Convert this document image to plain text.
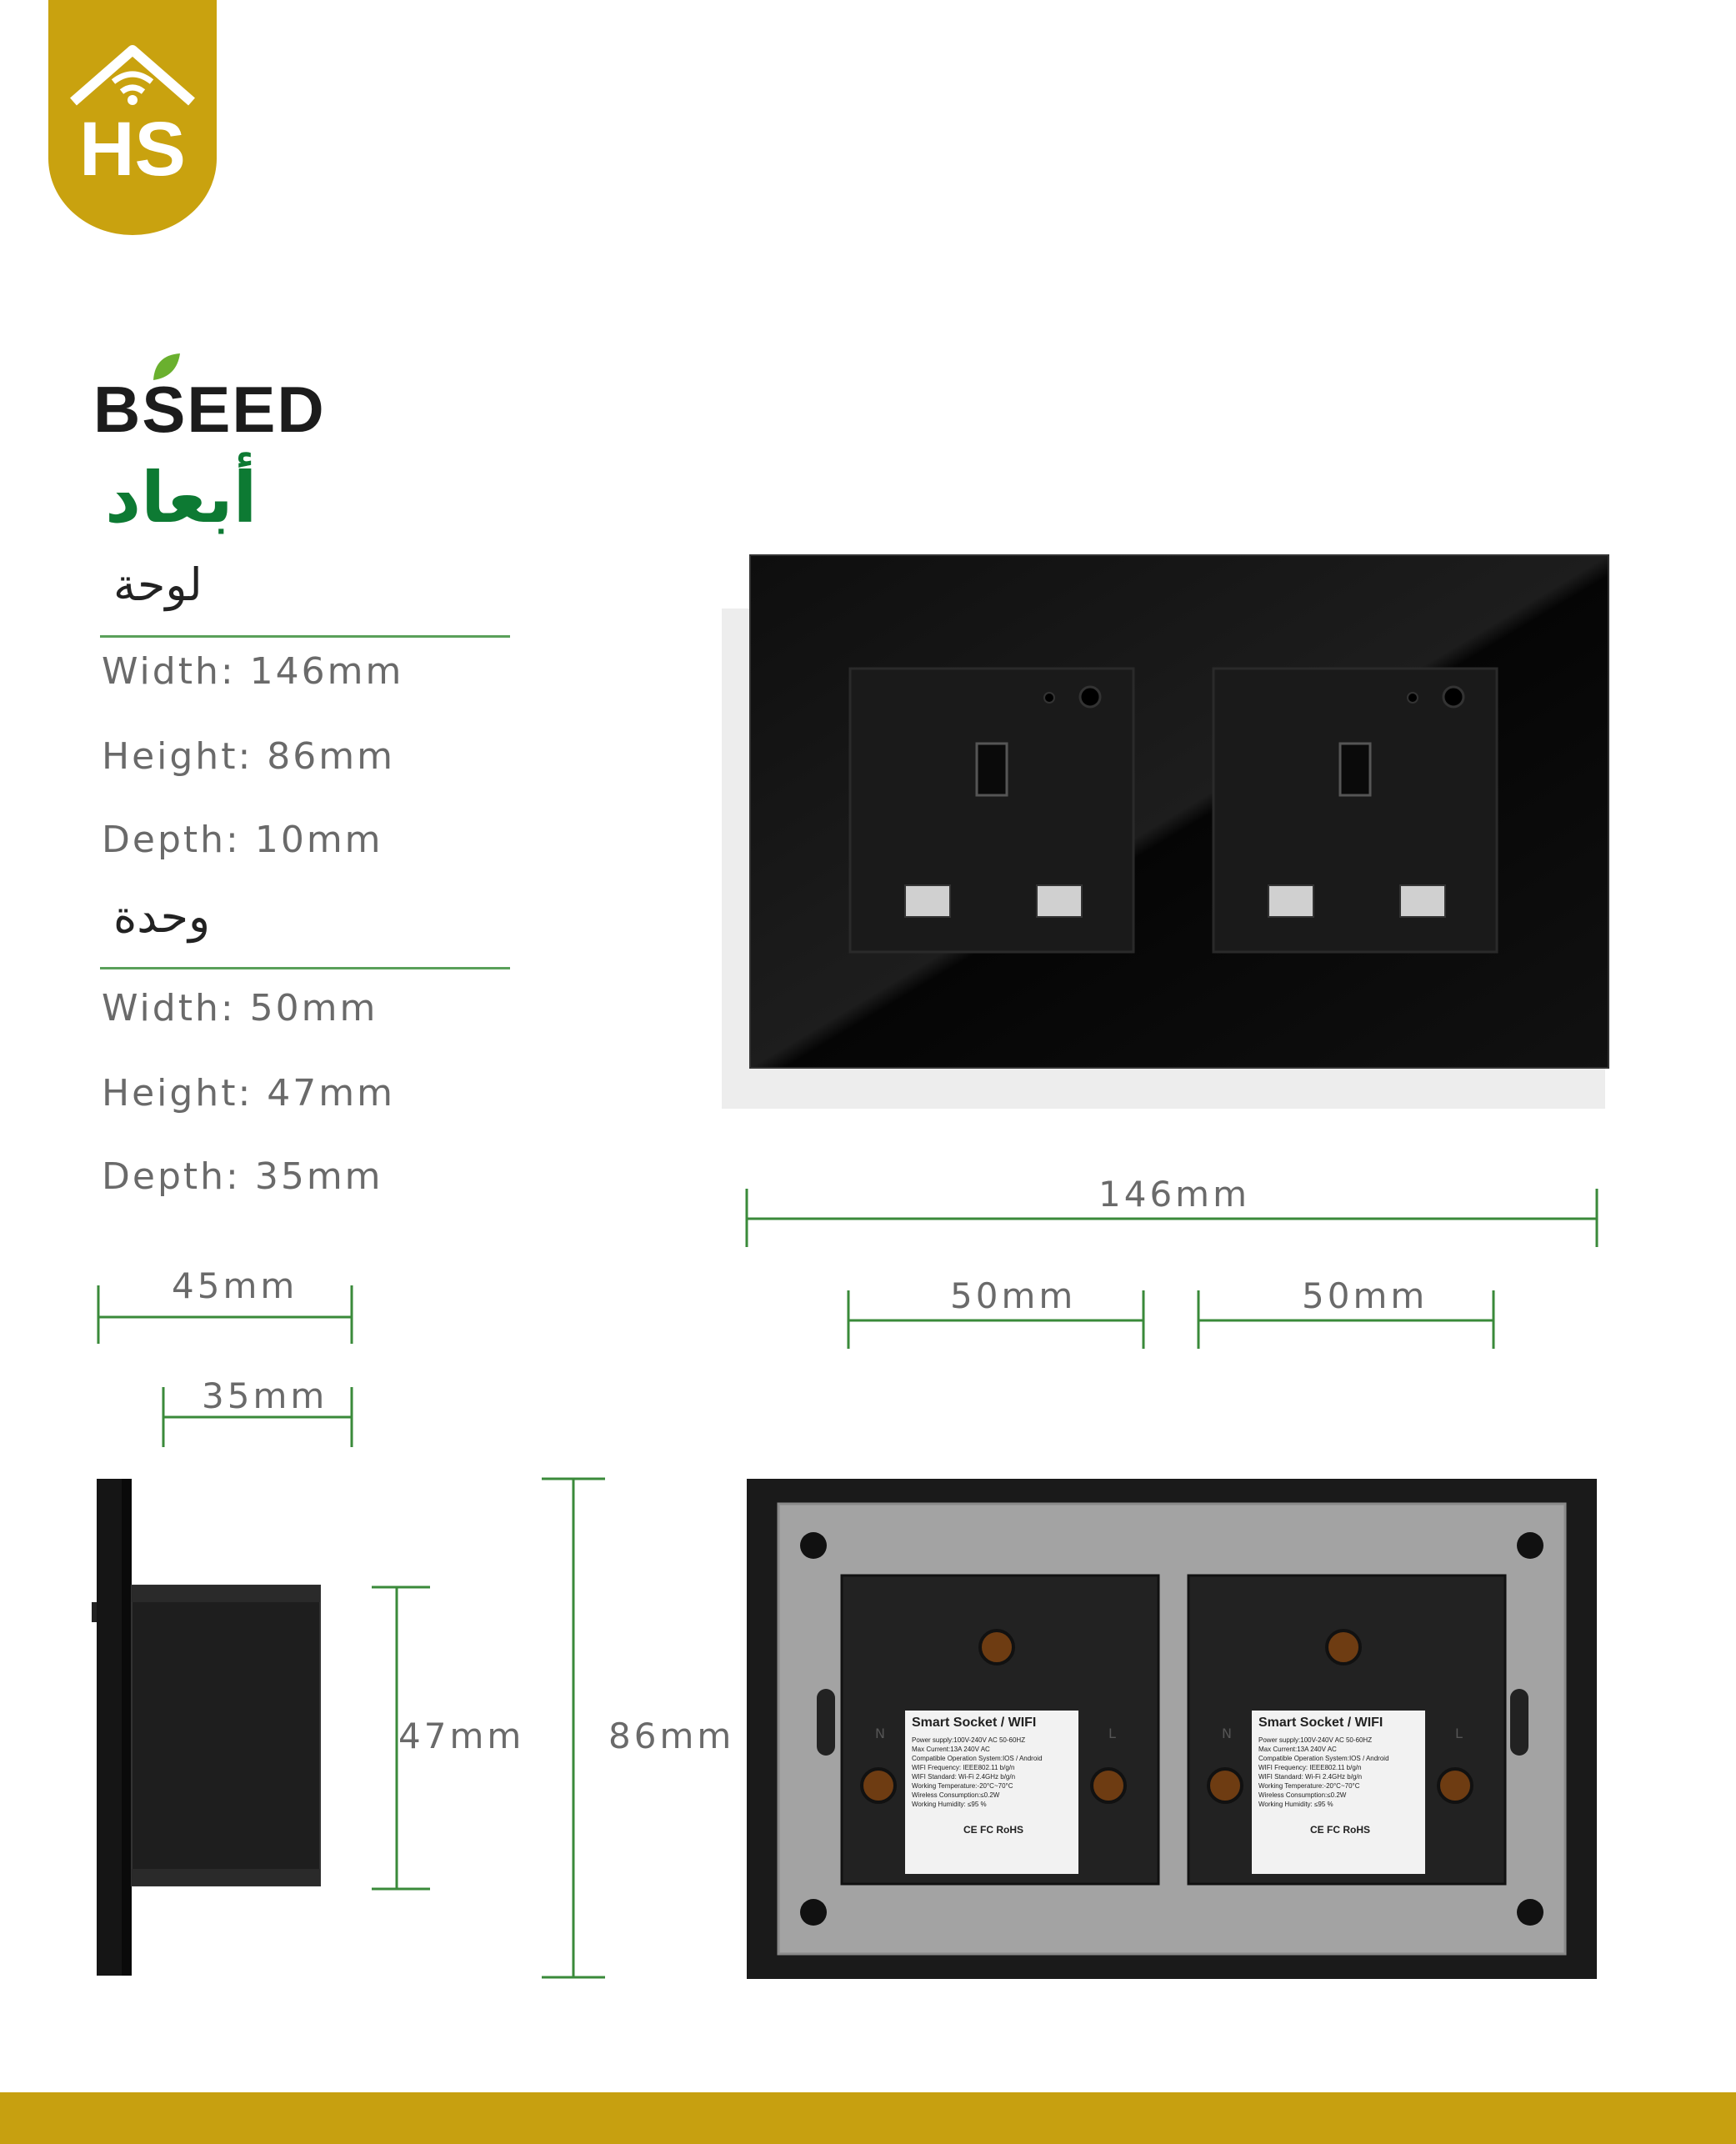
HS
BSEED
أبعاد
لوحة
Width: 146mm
Height: 86mm
Depth: 10mm
وحدة
Width: 50mm
Height: 47mm
Depth: 35mm	146mm
50mm	50mm
45mm
35mm
47mm 86mm	Smart Socket / WIFI
Power supply:100V-240V AC 50-60HZ
Max Current:13A 240V AC
Compatible Operation System:IOS / Android
WIFI Frequency: IEEE802.11 b/g/n
WIFI Standard: Wi-Fi 2.4GHz b/g/n
Working Temperature:-20°C~70°C
Wireless Consumption:≤0.2W
Working Humidity: ≤95 %
CE FC RoHS
Smart Socket / WIFI
Power supply:100V-240V AC 50-60HZ
Max Current:13A 240V AC
Compatible Operation System:IOS / Android
WIFI Frequency: IEEE802.11 b/g/n
WIFI Standard: Wi-Fi 2.4GHz b/g/n
Working Temperature:-20°C~70°C
Wireless Consumption:≤0.2W
Working Humidity: ≤95 %
CE FC RoHS
N	L	N	L
